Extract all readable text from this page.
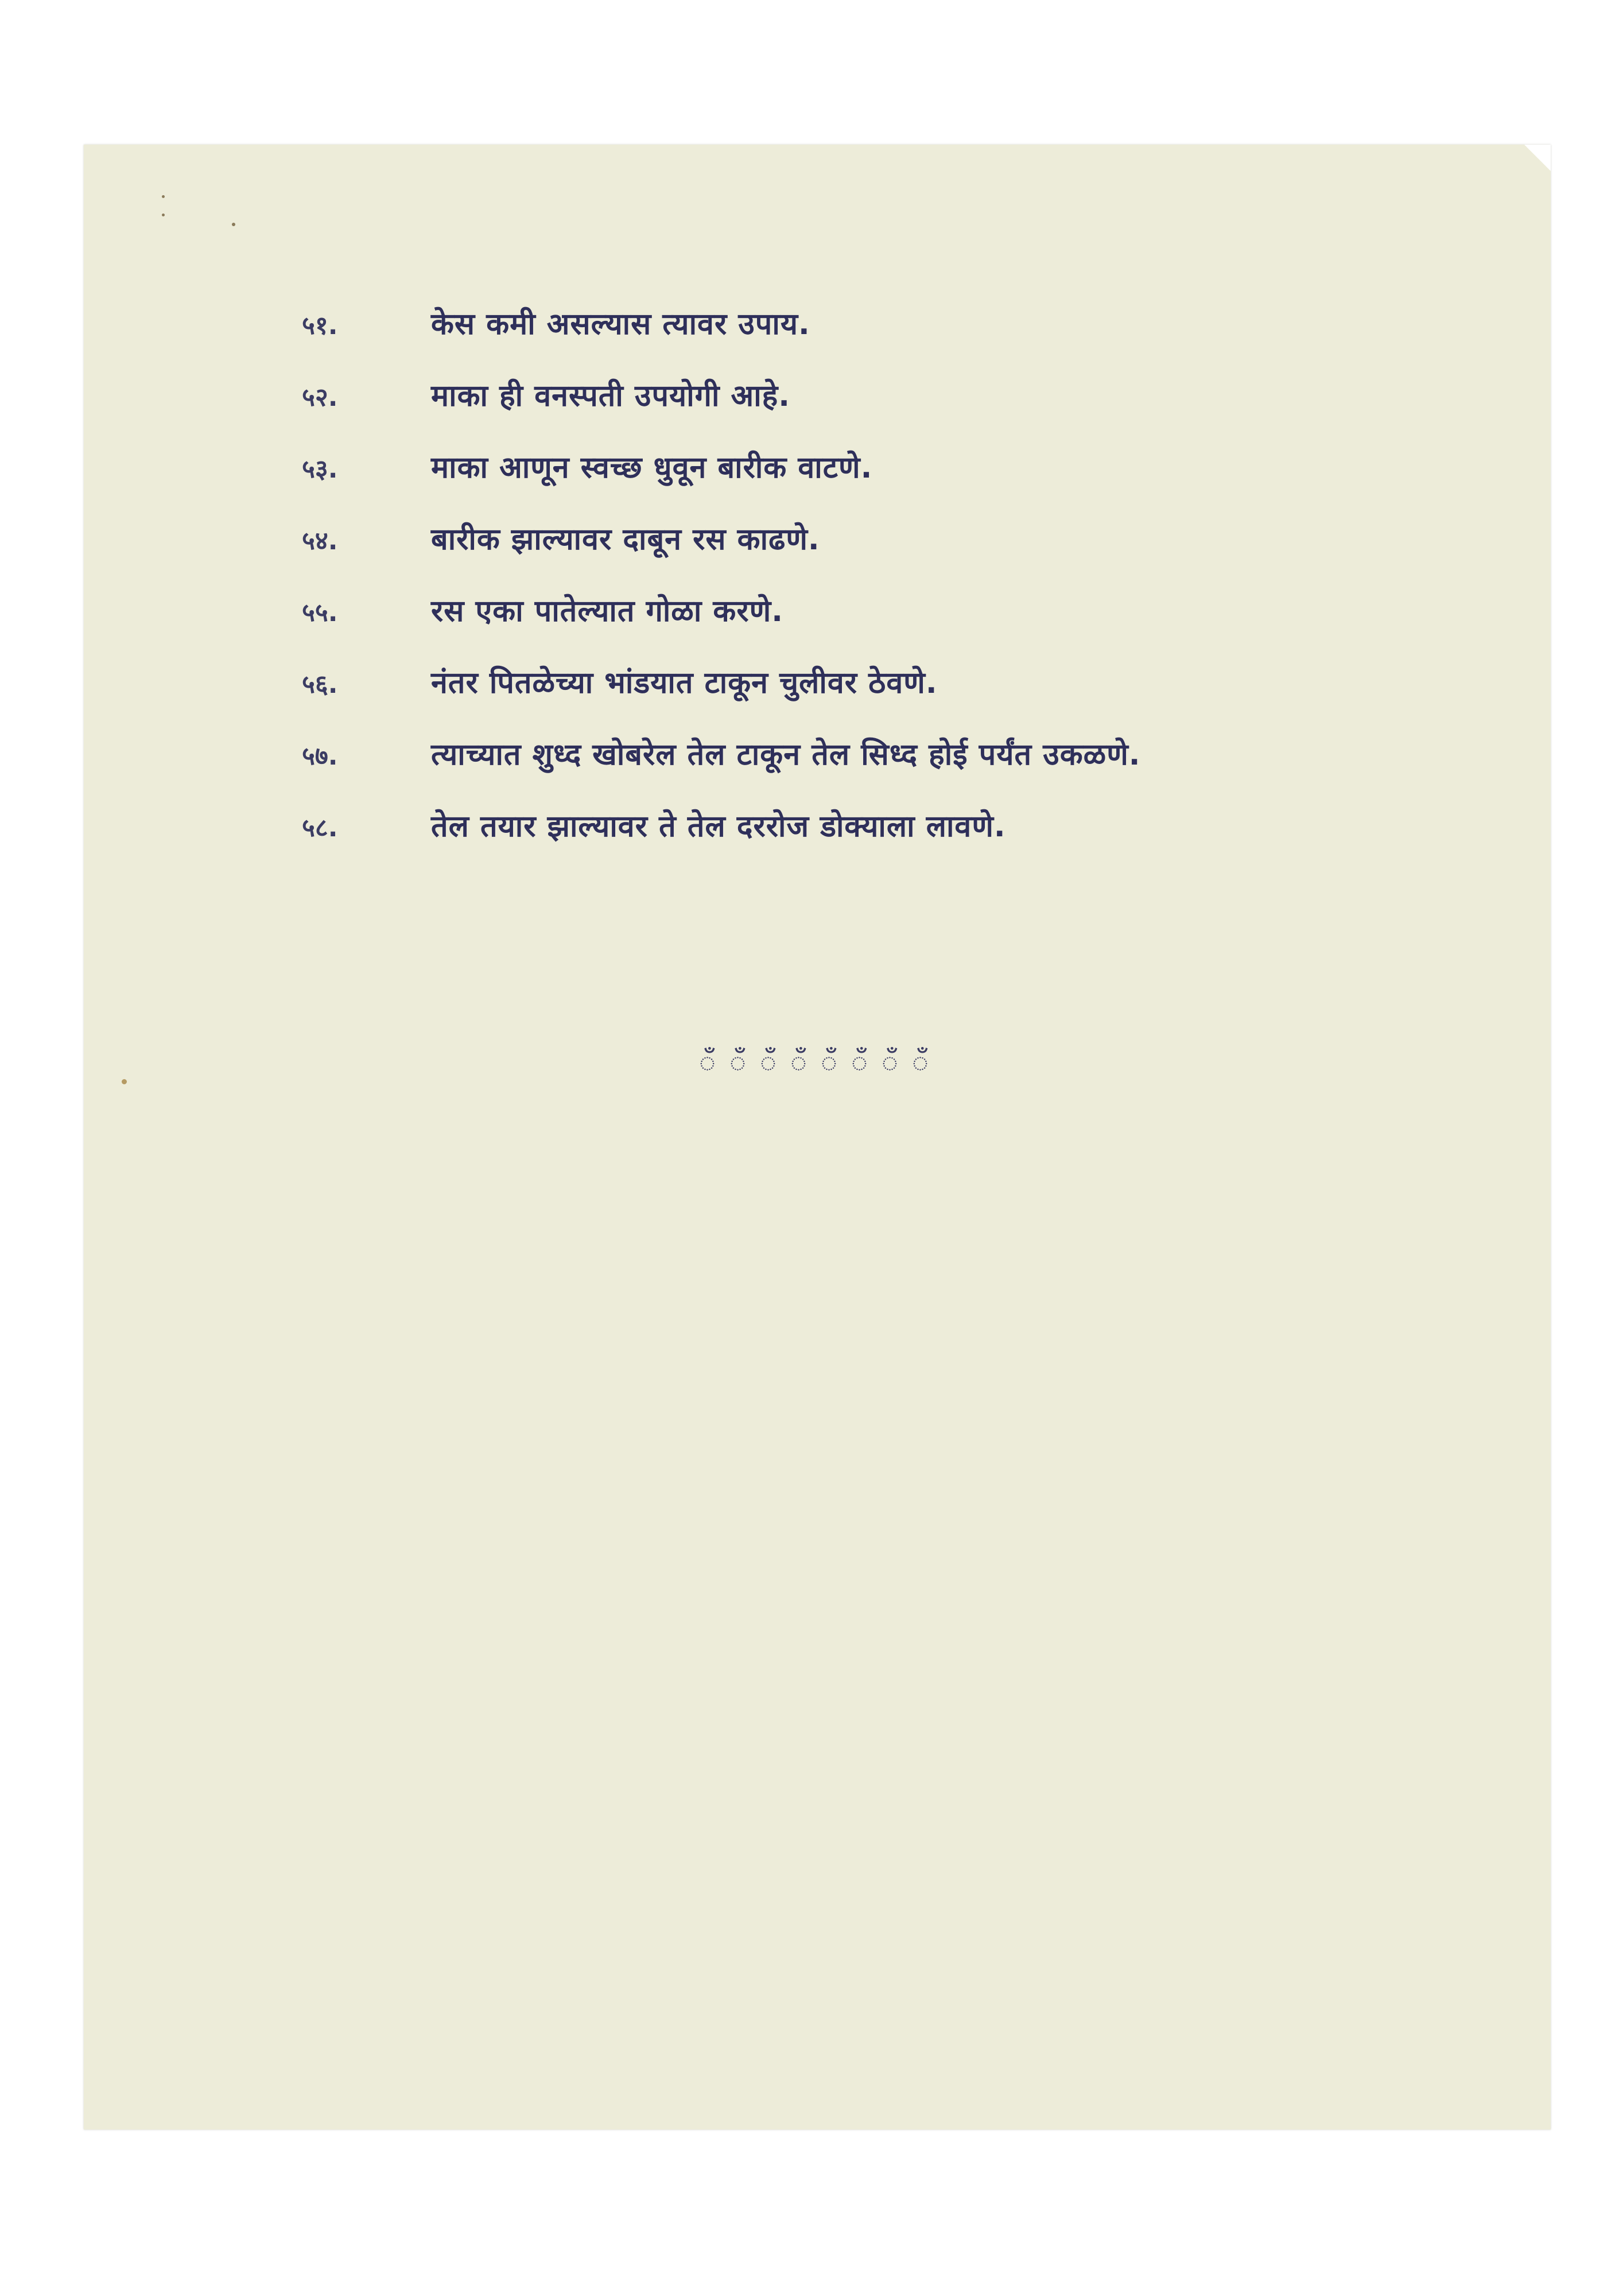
५१.	केस कमी असल्यास त्यावर उपाय.
५२.	माका ही वनस्पती उपयोगी आहे.
५३.	माका आणून स्वच्छ धुवून बारीक वाटणे.
५४.	बारीक झाल्यावर दाबून रस काढणे.
५५.	रस एका पातेल्यात गोळा करणे.
५६.	नंतर पितळेच्या भांडयात टाकून चुलीवर ठेवणे.
५७.	त्याच्यात शुध्द खोबरेल तेल टाकून तेल सिध्द होई पर्यंत उकळणे.
५८.	तेल तयार झाल्यावर ते तेल दररोज डोक्याला लावणे.
ँ ँ ँ ँ ँ ँ ँ ँ
